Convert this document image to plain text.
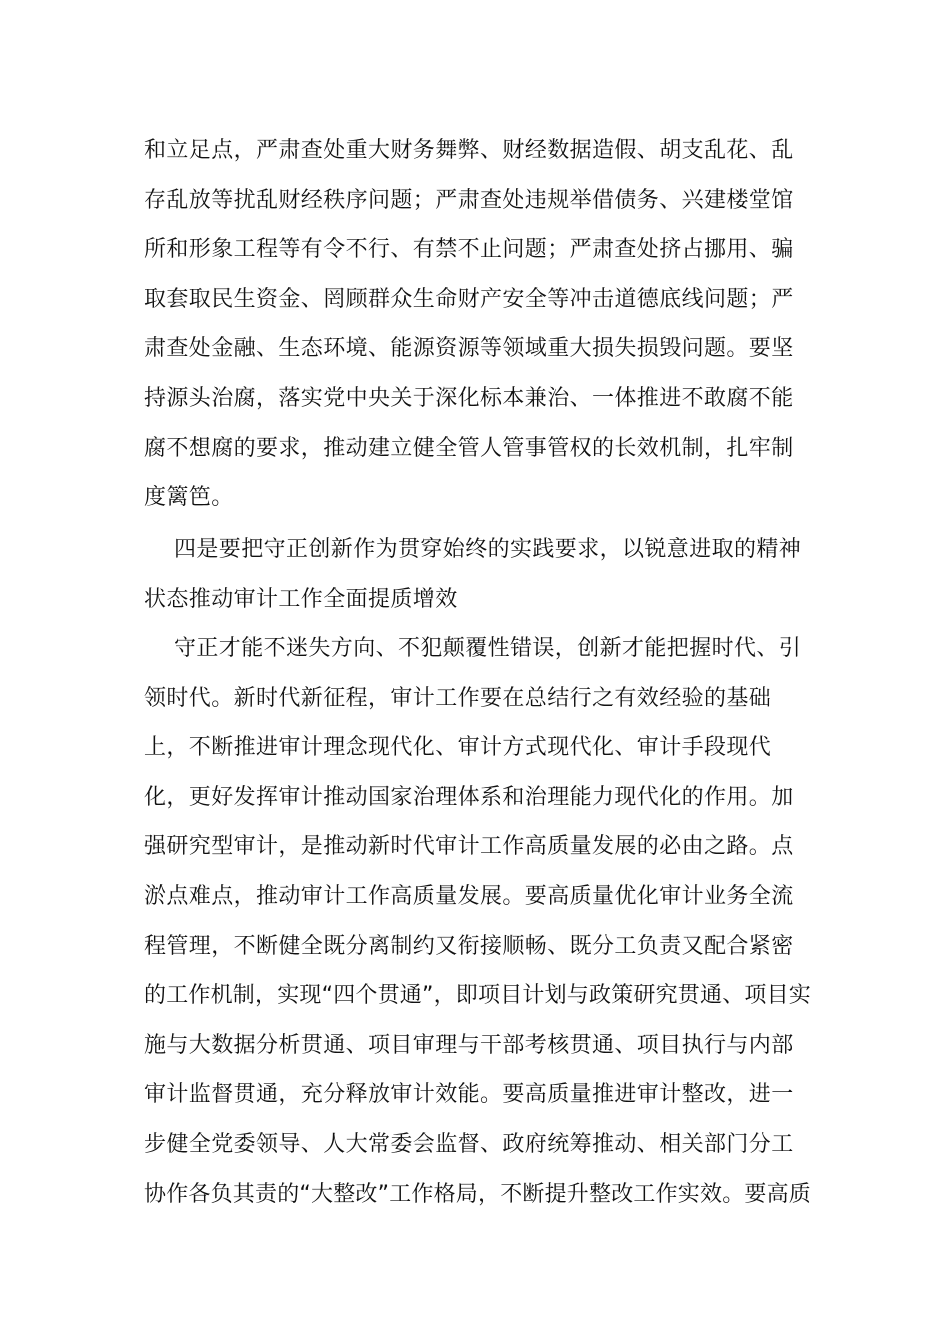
和立足点，严肃查处重大财务舞弊、财经数据造假、胡支乱花、乱
存乱放等扰乱财经秩序问题；严肃查处违规举借债务、兴建楼堂馆
所和形象工程等有令不行、有禁不止问题；严肃查处挤占挪用、骗
取套取民生资金、罔顾群众生命财产安全等冲击道德底线问题；严
肃查处金融、生态环境、能源资源等领域重大损失损毁问题。要坚
持源头治腐，落实党中央关于深化标本兼治、一体推进不敢腐不能
腐不想腐的要求，推动建立健全管人管事管权的长效机制，扎牢制
度篱笆。
四是要把守正创新作为贯穿始终的实践要求，以锐意进取的精神
状态推动审计工作全面提质增效
守正才能不迷失方向、不犯颠覆性错误，创新才能把握时代、引
领时代。新时代新征程，审计工作要在总结行之有效经验的基础
上，不断推进审计理念现代化、审计方式现代化、审计手段现代
化，更好发挥审计推动国家治理体系和治理能力现代化的作用。加
强研究型审计，是推动新时代审计工作高质量发展的必由之路。点
淤点难点，推动审计工作高质量发展。要高质量优化审计业务全流
程管理，不断健全既分离制约又衔接顺畅、既分工负责又配合紧密
的工作机制，实现“四个贯通”，即项目计划与政策研究贯通、项目实
施与大数据分析贯通、项目审理与干部考核贯通、项目执行与内部
审计监督贯通，充分释放审计效能。要高质量推进审计整改，进一
步健全党委领导、人大常委会监督、政府统筹推动、相关部门分工
协作各负其责的“大整改”工作格局，不断提升整改工作实效。要高质
